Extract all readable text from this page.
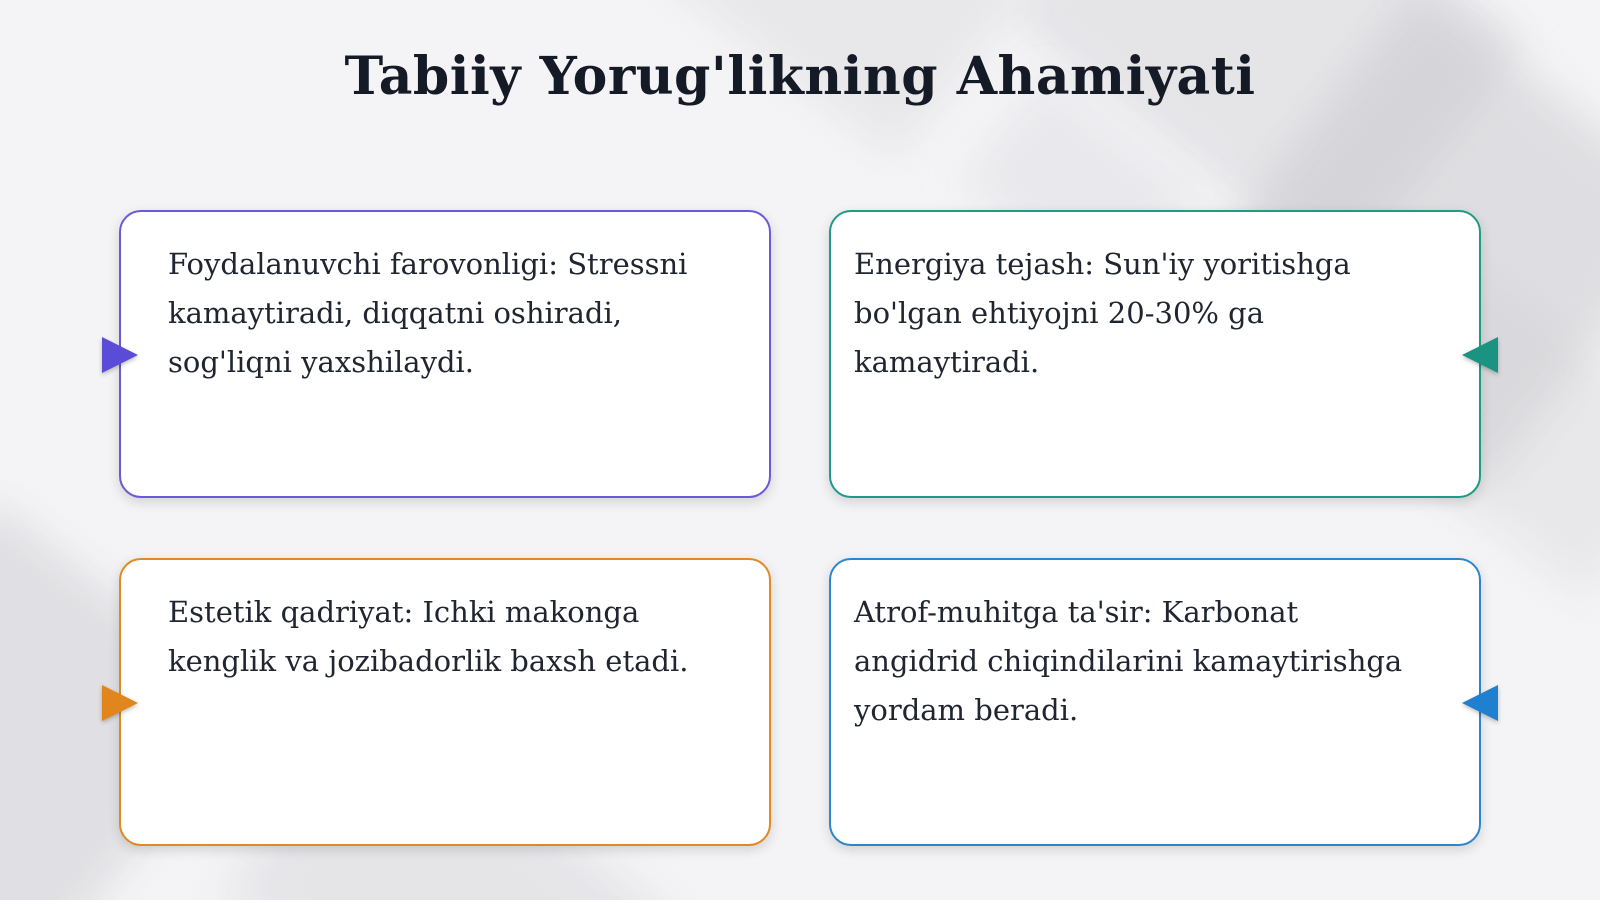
Tabiiy Yorug'likning Ahamiyati

Foydalanuvchi farovonligi: Stressni kamaytiradi, diqqatni oshiradi, sog'liqni yaxshilaydi.

Energiya tejash: Sun'iy yoritishga bo'lgan ehtiyojni 20-30% ga kamaytiradi.

Estetik qadriyat: Ichki makonga kenglik va jozibadorlik baxsh etadi.

Atrof-muhitga ta'sir: Karbonat angidrid chiqindilarini kamaytirishga yordam beradi.
